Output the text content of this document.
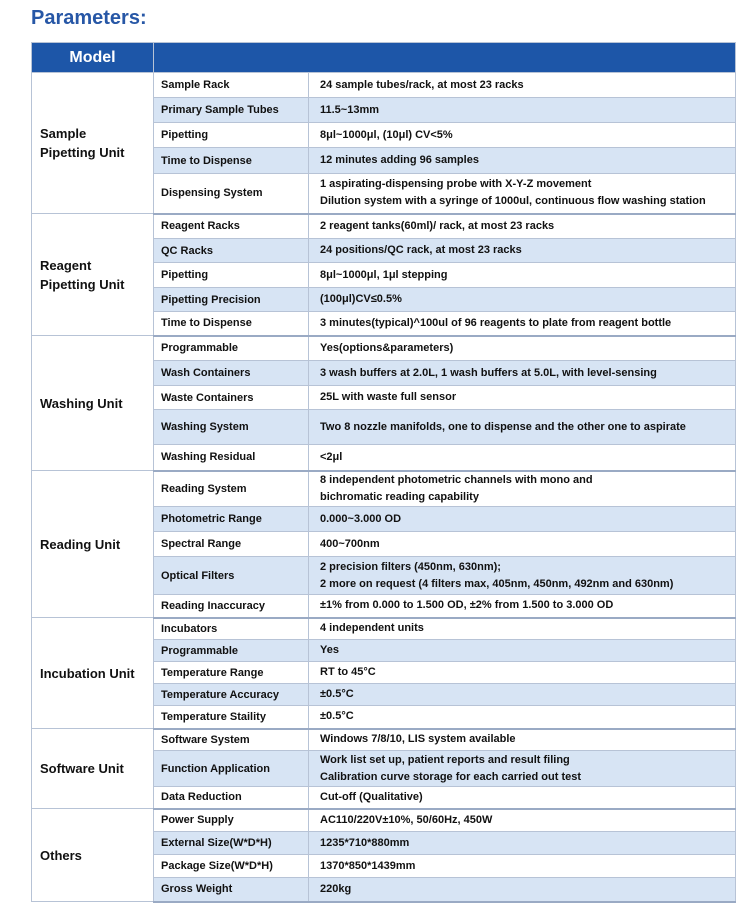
Parameters:
Model		

Sample
Pipetting Unit	Sample Rack	24 sample tubes/rack, at most 23 racks

	Primary Sample Tubes	11.5~13mm

	Pipetting	8μl~1000μl, (10μl) CV<5%

	Time to Dispense	12 minutes adding 96 samples

	Dispensing System	1 aspirating-dispensing probe with X-Y-Z movement
Dilution system with a syringe of 1000ul, continuous flow washing station

Reagent
Pipetting Unit	Reagent Racks	2 reagent tanks(60ml)/ rack, at most 23 racks

	QC Racks	24 positions/QC rack, at most 23 racks

	Pipetting	8μl~1000μl, 1μl stepping

	Pipetting Precision	(100μl)CV≤0.5%

	Time to Dispense	3 minutes(typical)^100ul of 96 reagents to plate from reagent bottle

Washing Unit	Programmable	Yes(options&parameters)

	Wash Containers	3 wash buffers at 2.0L, 1 wash buffers at 5.0L, with level-sensing

	Waste Containers	25L with waste full sensor

	Washing System	Two 8 nozzle manifolds, one to dispense and the other one to aspirate

	Washing Residual	<2μl

Reading Unit	Reading System	8 independent photometric channels with mono and
bichromatic reading capability

	Photometric Range	0.000~3.000 OD

	Spectral Range	400~700nm

	Optical Filters	2 precision filters (450nm, 630nm);
2 more on request (4 filters max, 405nm, 450nm, 492nm and 630nm)

	Reading Inaccuracy	±1% from 0.000 to 1.500 OD, ±2% from 1.500 to 3.000 OD

Incubation Unit	Incubators	4 independent units

	Programmable	Yes

	Temperature Range	RT to 45°C

	Temperature Accuracy	±0.5°C

	Temperature Staility	±0.5°C

Software Unit	Software System	Windows 7/8/10, LIS system available

	Function Application	Work list set up, patient reports and result filing
Calibration curve storage for each carried out test

	Data Reduction	Cut-off (Qualitative)

Others	Power Supply	AC110/220V±10%, 50/60Hz, 450W

	External Size(W*D*H)	1235*710*880mm

	Package Size(W*D*H)	1370*850*1439mm

	Gross Weight	220kg
